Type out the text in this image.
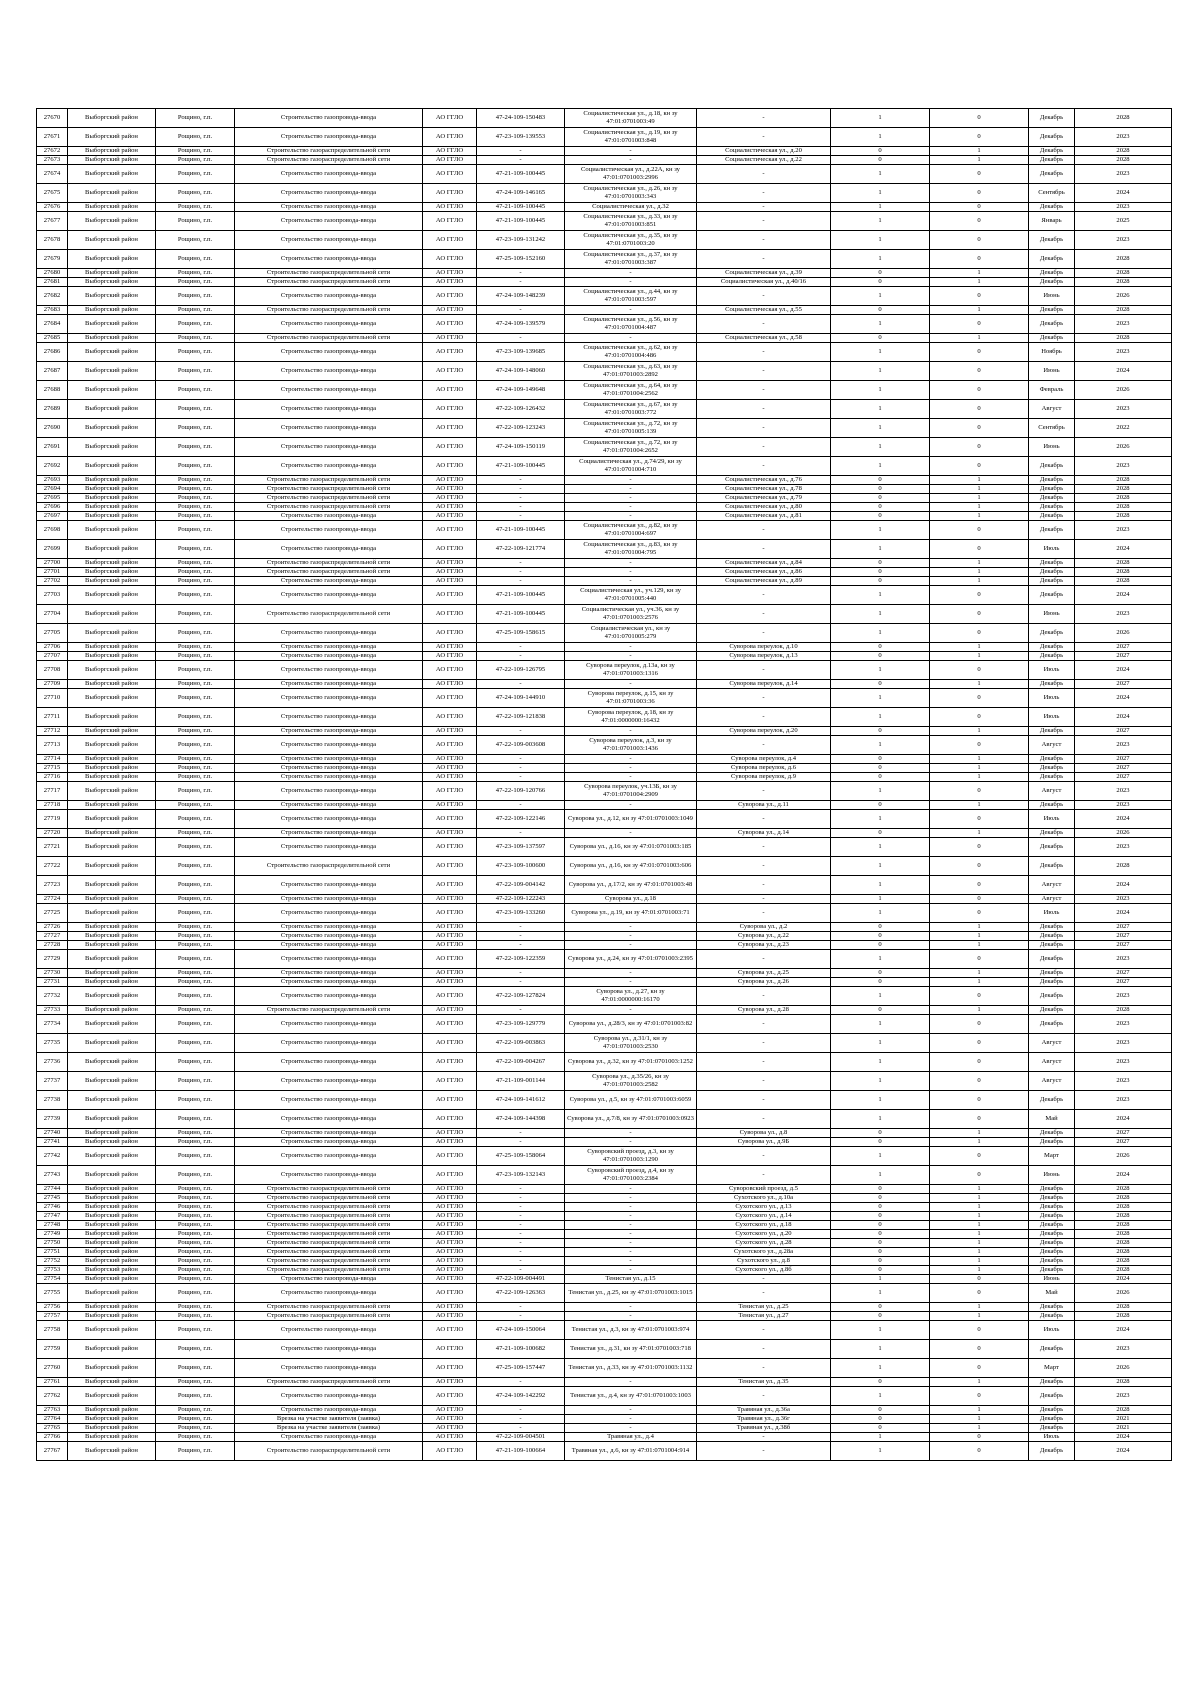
27670	Выборгский район	Рощино, г.п.	Строительство газопровода-ввода	АО ГГЛО	47-24-109-150483	Социалистическая ул., д.18, кн зу 47:01:0701003:49	-	1	0	Декабрь	2028
27671	Выборгский район	Рощино, г.п.	Строительство газопровода-ввода	АО ГГЛО	47-23-109-139553	Социалистическая ул., д.19, кн зу 47:01:0701003:848	-	1	0	Декабрь	2023
27672	Выборгский район	Рощино, г.п.	Строительство газораспределительной сети	АО ГГЛО	-	-	Социалистическая ул., д.20	0	1	Декабрь	2028
27673	Выборгский район	Рощино, г.п.	Строительство газораспределительной сети	АО ГГЛО	-	-	Социалистическая ул., д.22	0	1	Декабрь	2028
27674	Выборгский район	Рощино, г.п.	Строительство газопровода-ввода	АО ГГЛО	47-21-109-100445	Социалистическая ул., д.22А, кн зу 47:01:0701003:2996	-	1	0	Декабрь	2023
27675	Выборгский район	Рощино, г.п.	Строительство газопровода-ввода	АО ГГЛО	47-24-109-146165	Социалистическая ул., д.26, кн зу 47:01:0701003:343	-	1	0	Сентябрь	2024
27676	Выборгский район	Рощино, г.п.	Строительство газопровода-ввода	АО ГГЛО	47-21-109-100445	Социалистическая ул., д.32	-	1	0	Декабрь	2023
27677	Выборгский район	Рощино, г.п.	Строительство газопровода-ввода	АО ГГЛО	47-21-109-100445	Социалистическая ул., д.33, кн зу 47:01:0701003:851	-	1	0	Январь	2025
27678	Выборгский район	Рощино, г.п.	Строительство газопровода-ввода	АО ГГЛО	47-23-109-131242	Социалистическая ул., д.35, кн зу 47:01:0701003:20	-	1	0	Декабрь	2023
27679	Выборгский район	Рощино, г.п.	Строительство газопровода-ввода	АО ГГЛО	47-25-109-152160	Социалистическая ул., д.37, кн зу 47:01:0701003:387	-	1	0	Декабрь	2028
27680	Выборгский район	Рощино, г.п.	Строительство газораспределительной сети	АО ГГЛО	-	-	Социалистическая ул., д.39	0	1	Декабрь	2028
27681	Выборгский район	Рощино, г.п.	Строительство газораспределительной сети	АО ГГЛО	-	-	Социалистическая ул., д.40/16	0	1	Декабрь	2028
27682	Выборгский район	Рощино, г.п.	Строительство газопровода-ввода	АО ГГЛО	47-24-109-148239	Социалистическая ул., д.44, кн зу 47:01:0701003:597	-	1	0	Июнь	2026
27683	Выборгский район	Рощино, г.п.	Строительство газораспределительной сети	АО ГГЛО	-	-	Социалистическая ул., д.55	0	1	Декабрь	2028
27684	Выборгский район	Рощино, г.п.	Строительство газопровода-ввода	АО ГГЛО	47-24-109-139579	Социалистическая ул., д.56, кн зу 47:01:0701004:487	-	1	0	Декабрь	2023
27685	Выборгский район	Рощино, г.п.	Строительство газораспределительной сети	АО ГГЛО	-	-	Социалистическая ул., д.58	0	1	Декабрь	2028
27686	Выборгский район	Рощино, г.п.	Строительство газопровода-ввода	АО ГГЛО	47-23-109-139685	Социалистическая ул., д.62, кн зу 47:01:0701004:486	-	1	0	Ноябрь	2023
27687	Выборгский район	Рощино, г.п.	Строительство газопровода-ввода	АО ГГЛО	47-24-109-148060	Социалистическая ул., д.63, кн зу 47:01:0701003:2892	-	1	0	Июнь	2024
27688	Выборгский район	Рощино, г.п.	Строительство газопровода-ввода	АО ГГЛО	47-24-109-149648	Социалистическая ул., д.64, кн зу 47:01:0701004:2562	-	1	0	Февраль	2026
27689	Выборгский район	Рощино, г.п.	Строительство газопровода-ввода	АО ГГЛО	47-22-109-126432	Социалистическая ул., д.67, кн зу 47:01:0701003:772	-	1	0	Август	2023
27690	Выборгский район	Рощино, г.п.	Строительство газопровода-ввода	АО ГГЛО	47-22-109-123243	Социалистическая ул., д.72, кн зу 47:01:0701005:139	-	1	0	Сентябрь	2022
27691	Выборгский район	Рощино, г.п.	Строительство газопровода-ввода	АО ГГЛО	47-24-109-150119	Социалистическая ул., д.72, кн зу 47:01:0701004:2652	-	1	0	Июнь	2026
27692	Выборгский район	Рощино, г.п.	Строительство газопровода-ввода	АО ГГЛО	47-21-109-100445	Социалистическая ул., д.74/29, кн зу 47:01:0701004:710	-	1	0	Декабрь	2023
27693	Выборгский район	Рощино, г.п.	Строительство газораспределительной сети	АО ГГЛО	-	-	Социалистическая ул., д.76	0	1	Декабрь	2028
27694	Выборгский район	Рощино, г.п.	Строительство газораспределительной сети	АО ГГЛО	-	-	Социалистическая ул., д.78	0	1	Декабрь	2028
27695	Выборгский район	Рощино, г.п.	Строительство газораспределительной сети	АО ГГЛО	-	-	Социалистическая ул., д.79	0	1	Декабрь	2028
27696	Выборгский район	Рощино, г.п.	Строительство газораспределительной сети	АО ГГЛО	-	-	Социалистическая ул., д.80	0	1	Декабрь	2028
27697	Выборгский район	Рощино, г.п.	Строительство газопровода-ввода	АО ГГЛО	-	-	Социалистическая ул., д.81	0	1	Декабрь	2028
27698	Выборгский район	Рощино, г.п.	Строительство газопровода-ввода	АО ГГЛО	47-21-109-100445	Социалистическая ул., д.82, кн зу 47:01:0701004:697	-	1	0	Декабрь	2023
27699	Выборгский район	Рощино, г.п.	Строительство газопровода-ввода	АО ГГЛО	47-22-109-121774	Социалистическая ул., д.83, кн зу 47:01:0701004:795	-	1	0	Июль	2024
27700	Выборгский район	Рощино, г.п.	Строительство газораспределительной сети	АО ГГЛО	-	-	Социалистическая ул., д.84	0	1	Декабрь	2028
27701	Выборгский район	Рощино, г.п.	Строительство газораспределительной сети	АО ГГЛО	-	-	Социалистическая ул., д.86	0	1	Декабрь	2028
27702	Выборгский район	Рощино, г.п.	Строительство газопровода-ввода	АО ГГЛО	-	-	Социалистическая ул., д.89	0	1	Декабрь	2028
27703	Выборгский район	Рощино, г.п.	Строительство газопровода-ввода	АО ГГЛО	47-21-109-100445	Социалистическая ул., уч.129, кн зу 47:01:0701005:440	-	1	0	Декабрь	2024
27704	Выборгский район	Рощино, г.п.	Строительство газораспределительной сети	АО ГГЛО	47-21-109-100445	Социалистическая ул., уч.36, кн зу 47:01:0701003:2576	-	1	0	Июнь	2023
27705	Выборгский район	Рощино, г.п.	Строительство газопровода-ввода	АО ГГЛО	47-25-109-158615	Социалистическая ул., кн зу 47:01:0701005:279	-	1	0	Декабрь	2026
27706	Выборгский район	Рощино, г.п.	Строительство газопровода-ввода	АО ГГЛО	-	-	Суворова переулок, д.10	0	1	Декабрь	2027
27707	Выборгский район	Рощино, г.п.	Строительство газопровода-ввода	АО ГГЛО	-	-	Суворова переулок, д.13	0	1	Декабрь	2027
27708	Выборгский район	Рощино, г.п.	Строительство газопровода-ввода	АО ГГЛО	47-22-109-126795	Суворова переулок, д.13а, кн зу 47:01:0701003:1316	-	1	0	Июль	2024
27709	Выборгский район	Рощино, г.п.	Строительство газопровода-ввода	АО ГГЛО	-	-	Суворова переулок, д.14	0	1	Декабрь	2027
27710	Выборгский район	Рощино, г.п.	Строительство газопровода-ввода	АО ГГЛО	47-24-109-144910	Суворова переулок, д.15, кн зу 47:01:0701003:36	-	1	0	Июль	2024
27711	Выборгский район	Рощино, г.п.	Строительство газопровода-ввода	АО ГГЛО	47-22-109-121838	Суворова переулок, д.18, кн зу 47:01:0000000:16432	-	1	0	Июль	2024
27712	Выборгский район	Рощино, г.п.	Строительство газопровода-ввода	АО ГГЛО	-	-	Суворова переулок, д.20	0	1	Декабрь	2027
27713	Выборгский район	Рощино, г.п.	Строительство газопровода-ввода	АО ГГЛО	47-22-109-003608	Суворова переулок, д.3, кн зу 47:01:0701003:1436	-	1	0	Август	2023
27714	Выборгский район	Рощино, г.п.	Строительство газопровода-ввода	АО ГГЛО	-	-	Суворова переулок, д.4	0	1	Декабрь	2027
27715	Выборгский район	Рощино, г.п.	Строительство газопровода-ввода	АО ГГЛО	-	-	Суворова переулок, д.6	0	1	Декабрь	2027
27716	Выборгский район	Рощино, г.п.	Строительство газопровода-ввода	АО ГГЛО	-	-	Суворова переулок, д.9	0	1	Декабрь	2027
27717	Выборгский район	Рощино, г.п.	Строительство газопровода-ввода	АО ГГЛО	47-22-109-120766	Суворова переулок, уч.13Б, кн зу 47:01:0701004:2909	-	1	0	Август	2023
27718	Выборгский район	Рощино, г.п.	Строительство газопровода-ввода	АО ГГЛО	-	-	Суворова ул., д.11	0	1	Декабрь	2023
27719	Выборгский район	Рощино, г.п.	Строительство газопровода-ввода	АО ГГЛО	47-22-109-122146	Суворова ул., д.12, кн зу 47:01:0701003:1049	-	1	0	Июль	2024
27720	Выборгский район	Рощино, г.п.	Строительство газопровода-ввода	АО ГГЛО	-	-	Суворова ул., д.14	0	1	Декабрь	2026
27721	Выборгский район	Рощино, г.п.	Строительство газопровода-ввода	АО ГГЛО	47-23-109-137597	Суворова ул., д.16, кн зу 47:01:0701003:185	-	1	0	Декабрь	2023
27722	Выборгский район	Рощино, г.п.	Строительство газораспределительной сети	АО ГГЛО	47-23-109-100600	Суворова ул., д.16, кн зу 47:01:0701003:606	-	1	0	Декабрь	2028
27723	Выборгский район	Рощино, г.п.	Строительство газопровода-ввода	АО ГГЛО	47-22-109-004142	Суворова ул., д.17/2, кн зу 47:01:0701003:48	-	1	0	Август	2024
27724	Выборгский район	Рощино, г.п.	Строительство газопровода-ввода	АО ГГЛО	47-22-109-122243	Суворова ул., д.18	-	1	0	Август	2023
27725	Выборгский район	Рощино, г.п.	Строительство газопровода-ввода	АО ГГЛО	47-23-109-133260	Суворова ул., д.19, кн зу 47:01:0701003:71	-	1	0	Июль	2024
27726	Выборгский район	Рощино, г.п.	Строительство газопровода-ввода	АО ГГЛО	-	-	Суворова ул., д.2	0	1	Декабрь	2027
27727	Выборгский район	Рощино, г.п.	Строительство газопровода-ввода	АО ГГЛО	-	-	Суворова ул., д.22	0	1	Декабрь	2027
27728	Выборгский район	Рощино, г.п.	Строительство газопровода-ввода	АО ГГЛО	-	-	Суворова ул., д.23	0	1	Декабрь	2027
27729	Выборгский район	Рощино, г.п.	Строительство газопровода-ввода	АО ГГЛО	47-22-109-122359	Суворова ул., д.24, кн зу 47:01:0701003:2395	-	1	0	Декабрь	2023
27730	Выборгский район	Рощино, г.п.	Строительство газопровода-ввода	АО ГГЛО	-	-	Суворова ул., д.25	0	1	Декабрь	2027
27731	Выборгский район	Рощино, г.п.	Строительство газопровода-ввода	АО ГГЛО	-	-	Суворова ул., д.26	0	1	Декабрь	2027
27732	Выборгский район	Рощино, г.п.	Строительство газопровода-ввода	АО ГГЛО	47-22-109-127824	Суворова ул., д.27, кн зу 47:01:0000000:16170	-	1	0	Декабрь	2023
27733	Выборгский район	Рощино, г.п.	Строительство газораспределительной сети	АО ГГЛО	-	-	Суворова ул., д.28	0	1	Декабрь	2028
27734	Выборгский район	Рощино, г.п.	Строительство газопровода-ввода	АО ГГЛО	47-23-109-129779	Суворова ул., д.28/3, кн зу 47:01:0701003:82	-	1	0	Декабрь	2023
27735	Выборгский район	Рощино, г.п.	Строительство газопровода-ввода	АО ГГЛО	47-22-109-003863	Суворова ул., д.31/1, кн зу 47:01:0701003:2530	-	1	0	Август	2023
27736	Выборгский район	Рощино, г.п.	Строительство газопровода-ввода	АО ГГЛО	47-22-109-004267	Суворова ул., д.32, кн зу 47:01:0701003:1252	-	1	0	Август	2023
27737	Выборгский район	Рощино, г.п.	Строительство газопровода-ввода	АО ГГЛО	47-21-109-001144	Суворова ул., д.35/26, кн зу 47:01:0701003:2582	-	1	0	Август	2023
27738	Выборгский район	Рощино, г.п.	Строительство газопровода-ввода	АО ГГЛО	47-24-109-141612	Суворова ул., д.5, кн зу 47:01:0701003:6059	-	1	0	Декабрь	2023
27739	Выборгский район	Рощино, г.п.	Строительство газопровода-ввода	АО ГГЛО	47-24-109-144398	Суворова ул., д.7/8, кн зу 47:01:0701003:0923	-	1	0	Май	2024
27740	Выборгский район	Рощино, г.п.	Строительство газопровода-ввода	АО ГГЛО	-	-	Суворова ул., д.8	0	1	Декабрь	2027
27741	Выборгский район	Рощино, г.п.	Строительство газопровода-ввода	АО ГГЛО	-	-	Суворова ул., д.9Б	0	1	Декабрь	2027
27742	Выборгский район	Рощино, г.п.	Строительство газопровода-ввода	АО ГГЛО	47-25-109-158064	Суворовский проезд, д.3, кн зу 47:01:0701003:1290	-	1	0	Март	2026
27743	Выборгский район	Рощино, г.п.	Строительство газопровода-ввода	АО ГГЛО	47-23-109-132143	Суворовский проезд, д.4, кн зу 47:01:0701003:2384	-	1	0	Июнь	2024
27744	Выборгский район	Рощино, г.п.	Строительство газораспределительной сети	АО ГГЛО	-	-	Суворовский проезд, д.5	0	1	Декабрь	2028
27745	Выборгский район	Рощино, г.п.	Строительство газораспределительной сети	АО ГГЛО	-	-	Сухотского ул., д.10а	0	1	Декабрь	2028
27746	Выборгский район	Рощино, г.п.	Строительство газораспределительной сети	АО ГГЛО	-	-	Сухотского ул., д.13	0	1	Декабрь	2028
27747	Выборгский район	Рощино, г.п.	Строительство газораспределительной сети	АО ГГЛО	-	-	Сухотского ул., д.14	0	1	Декабрь	2028
27748	Выборгский район	Рощино, г.п.	Строительство газораспределительной сети	АО ГГЛО	-	-	Сухотского ул., д.18	0	1	Декабрь	2028
27749	Выборгский район	Рощино, г.п.	Строительство газораспределительной сети	АО ГГЛО	-	-	Сухотского ул., д.20	0	1	Декабрь	2028
27750	Выборгский район	Рощино, г.п.	Строительство газораспределительной сети	АО ГГЛО	-	-	Сухотского ул., д.28	0	1	Декабрь	2028
27751	Выборгский район	Рощино, г.п.	Строительство газораспределительной сети	АО ГГЛО	-	-	Сухотского ул., д.28а	0	1	Декабрь	2028
27752	Выборгский район	Рощино, г.п.	Строительство газораспределительной сети	АО ГГЛО	-	-	Сухотского ул., д.8	0	1	Декабрь	2028
27753	Выборгский район	Рощино, г.п.	Строительство газораспределительной сети	АО ГГЛО	-	-	Сухотского ул., д.8б	0	1	Декабрь	2028
27754	Выборгский район	Рощино, г.п.	Строительство газопровода-ввода	АО ГГЛО	47-22-109-004491	Тенистая ул., д.15	-	1	0	Июнь	2024
27755	Выборгский район	Рощино, г.п.	Строительство газопровода-ввода	АО ГГЛО	47-22-109-126363	Тенистая ул., д.25, кн зу 47:01:0701003:1015	-	1	0	Май	2026
27756	Выборгский район	Рощино, г.п.	Строительство газораспределительной сети	АО ГГЛО	-	-	Тенистая ул., д.25	0	1	Декабрь	2028
27757	Выборгский район	Рощино, г.п.	Строительство газораспределительной сети	АО ГГЛО	-	-	Тенистая ул., д.27	0	1	Декабрь	2028
27758	Выборгский район	Рощино, г.п.	Строительство газопровода-ввода	АО ГГЛО	47-24-109-150064	Тенистая ул., д.3, кн зу 47:01:0701003:974	-	1	0	Июль	2024
27759	Выборгский район	Рощино, г.п.	Строительство газопровода-ввода	АО ГГЛО	47-21-109-100682	Тенистая ул., д.31, кн зу 47:01:0701003:718	-	1	0	Декабрь	2023
27760	Выборгский район	Рощино, г.п.	Строительство газопровода-ввода	АО ГГЛО	47-25-109-157447	Тенистая ул., д.33, кн зу 47:01:0701003:1132	-	1	0	Март	2026
27761	Выборгский район	Рощино, г.п.	Строительство газораспределительной сети	АО ГГЛО	-	-	Тенистая ул., д.35	0	1	Декабрь	2028
27762	Выборгский район	Рощино, г.п.	Строительство газопровода-ввода	АО ГГЛО	47-24-109-142292	Тенистая ул., д.4, кн зу 47:01:0701003:1003	-	1	0	Декабрь	2023
27763	Выборгский район	Рощино, г.п.	Строительство газопровода-ввода	АО ГГЛО	-	-	Травяная ул., д.36а	0	1	Декабрь	2028
27764	Выборгский район	Рощино, г.п.	Врезка на участке заявителя (заявка)	АО ГГЛО	-	-	Травяная ул., д.36г	0	1	Декабрь	2021
27765	Выборгский район	Рощино, г.п.	Врезка на участке заявителя (заявка)	АО ГГЛО	-	-	Травяная ул., д.38б	0	1	Декабрь	2021
27766	Выборгский район	Рощино, г.п.	Строительство газопровода-ввода	АО ГГЛО	47-22-109-004501	Травяная ул., д.4	-	1	0	Июль	2024
27767	Выборгский район	Рощино, г.п.	Строительство газораспределительной сети	АО ГГЛО	47-21-109-100664	Травяная ул., д.6, кн зу 47:01:0701004:914	-	1	0	Декабрь	2024
